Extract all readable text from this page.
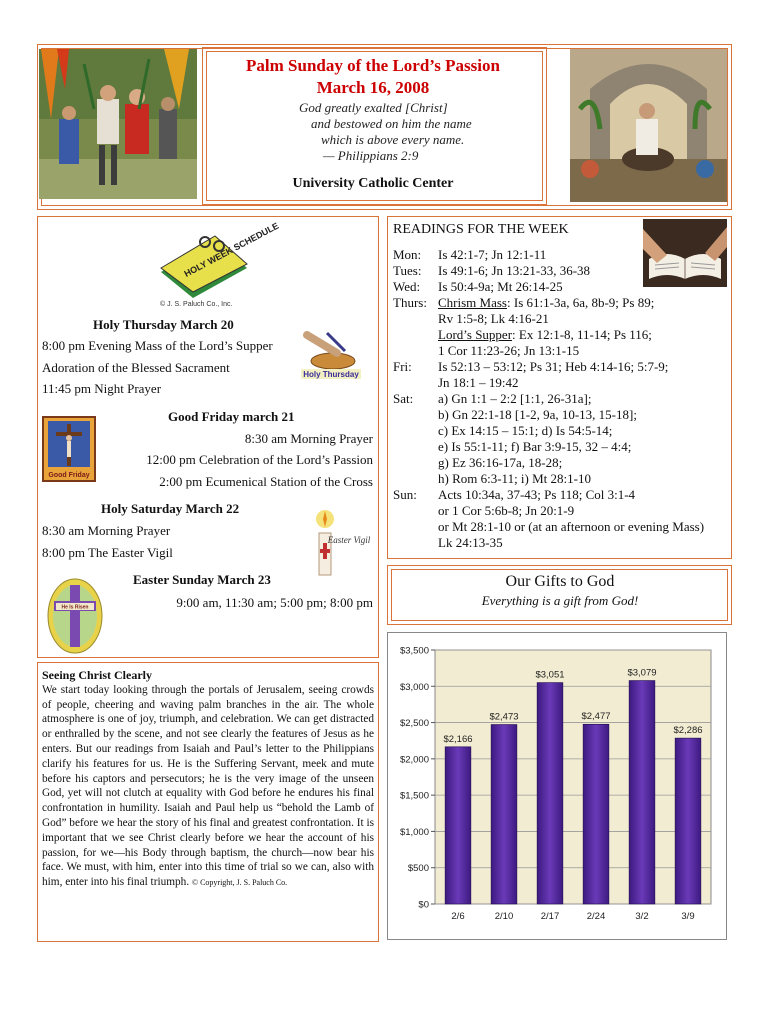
Palm Sunday of the Lord’s Passion
March 16, 2008
God greatly exalted [Christ]
and bestowed on him the name
which is above every name.
— Philippians 2:9
University Catholic Center
HOLY WEEK SCHEDULE
© J. S. Paluch Co., Inc.
Holy Thursday March 20
8:00 pm Evening Mass of the Lord’s Supper
Adoration of the Blessed Sacrament
11:45 pm Night Prayer
Holy Thursday
Good Friday march 21
8:30 am Morning Prayer
12:00 pm Celebration of the Lord’s Passion
2:00 pm Ecumenical Station of the Cross
Good Friday
Holy Saturday March 22
8:30 am Morning Prayer
8:00 pm The Easter Vigil
Easter Vigil
Easter Sunday March 23
9:00 am, 11:30 am; 5:00 pm; 8:00 pm
He Is Risen

Seeing Christ Clearly

We start today looking through the portals of Jerusalem, seeing crowds of people, cheering and waving palm branches in the air. The whole atmosphere is one of joy, triumph, and celebration. We can get distracted or enthralled by the scene, and not see clearly the features of Jesus as he enters. But our readings from Isaiah and Paul’s letter to the Philippians clarify his features for us. He is the Suffering Servant, meek and mute before his captors and persecutors; he is the very image of the unseen God, yet will not clutch at equality with God before he endures his final confrontation in humility. Isaiah and Paul help us “behold the Lamb of God” before we hear the story of his final and greatest confrontation. It is important that we see Christ clearly before we hear the account of his passion, for we—his Body through baptism, the church—now bear his face. We must, with him, enter into this time of trial so we can, also with him, enter into his final triumph. © Copyright, J. S. Paluch Co.

READINGS FOR THE WEEK
Mon: Is 42:1-7; Jn 12:1-11
Tues: Is 49:1-6; Jn 13:21-33, 36-38
Wed: Is 50:4-9a; Mt 26:14-25
Thurs: Chrism Mass: Is 61:1-3a, 6a, 8b-9; Ps 89;
Rv 1:5-8; Lk 4:16-21
Lord’s Supper: Ex 12:1-8, 11-14; Ps 116;
1 Cor 11:23-26; Jn 13:1-15
Fri: Is 52:13 – 53:12; Ps 31; Heb 4:14-16; 5:7-9;
Jn 18:1 – 19:42
Sat: a) Gn 1:1 – 2:2 [1:1, 26-31a];
b) Gn 22:1-18 [1-2, 9a, 10-13, 15-18];
c) Ex 14:15 – 15:1; d) Is 54:5-14;
e) Is 55:1-11; f) Bar 3:9-15, 32 – 4:4;
g) Ez 36:16-17a, 18-28;
h) Rom 6:3-11; i) Mt 28:1-10
Sun: Acts 10:34a, 37-43; Ps 118; Col 3:1-4
or 1 Cor 5:6b-8; Jn 20:1-9
or Mt 28:1-10 or (at an afternoon or evening Mass)
Lk 24:13-35
Our Gifts to God
Everything is a gift from God!
$0
$500
$1,000
$1,500
$2,000
$2,500
$3,000
$3,500
$2,166
2/6
$2,473
2/10
$3,051
2/17
$2,477
2/24
$3,079
3/2
$2,286
3/9
